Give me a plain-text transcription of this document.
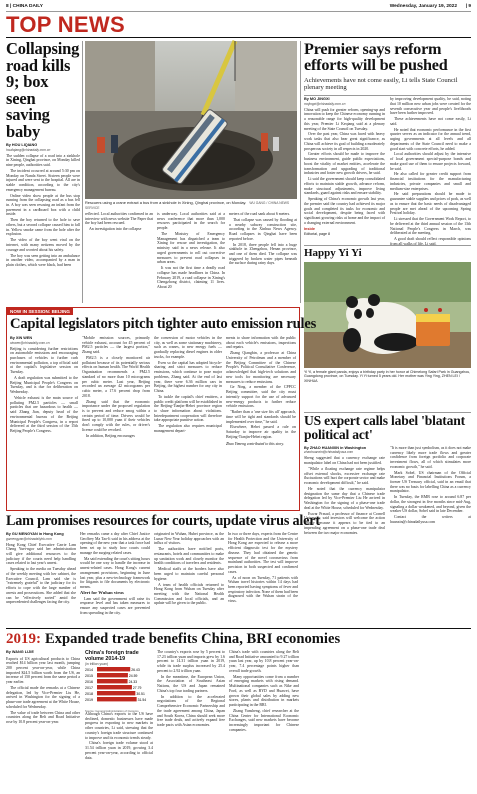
8 | CHINA DAILY	Wednesday, January 19, 2022 | 9
TOP NEWS
Collapsing road kills 9; box seen saving baby
By HOU LIQIANG
houliqiang@chinadaily.com.cn

The sudden collapse of a road into a sinkhole in Xining, Qinghai province, on Monday killed nine people, authorities said.

The incident occurred at around 5:30 pm on Monday on Nanda Street. Sixteen people were injured and were sent to the hospital. All are in stable condition, according to the city's emergency management bureau.

Online video show people at the bus stop running from the collapsing road as a bus fell in. A boy was seen rescuing an infant from the pavement in a cardboard box with a child inside.

Then the boy returned to the hole to save others, but a second collapse caused him to fall in. Yellow smoke came from the hole after the explosion.

The video of the boy went viral on the internet, with many netizens moved by the courage and worried about his safety.

The boy was seen getting into an ambulance in another video, accompanied by a man in plain clothes, which were black, had been

Rescuers using a crane extract a bus from a sinkhole in Xining, Qinghai province, on Monday. WU GANG / CHINA NEWS SERVICE

reflected. Local authorities confirmed in an interview with news website The Paper that the boy had been rescued.

An investigation into the collapse

is underway. Local authorities said at a news conference that more than 1,000 rescuers participated in the search for people.

The Ministry of Emergency Management has dispatched a team to Xining for rescue and investigation, the ministry said in a news release. It also urged governments to roll out corrective measures to prevent road collapses in urban areas.

It was not the first time a deadly road collapse has made headlines in China. In February 2019, a road collapse in Xining's Chengzhong district, claiming 11 lives. About 20

meters of the road sank about 6 meters.

That collapse was caused by flooding at a nearby subway construction site, according to the Xinhua News Agency. Road collapses in Qinghai have been reported before.

In 2018, three people fell into a huge sinkhole in Zhengzhou, Henan province, and one of them died. The collapse was triggered by broken water pipes beneath the surface during rainy days.

Premier says reform efforts will be pushed
Achievements have not come easily, Li tells State Council plenary meeting
By MO JINGXI
mojingxi@chinadaily.com.cn

China will push for greater reform, opening-up and innovation to keep the Chinese economy running in a reasonable range for high-quality development this year, Premier Li Keqiang said at a plenary meeting of the State Council on Tuesday.

Over the past year, China was faced with heavy work tasks that also bear great significance, as China will achieve its goal of building a moderately prosperous society in all respects in 2020.

Greater efforts should be made to improve the business environment, guide public expectations, boost the vitality of market entities, accelerate the transformation and upgrading of traditional industries and foster new growth drivers, he said.

Li said the government should keep consolidated efforts to maintain stable growth, advance reform, make structural adjustments, improve living standards, guard against risks and ensure stability.

Speaking of China's economic growth last year, the premier said the country had achieved its major goals and completed its tasks for economic and social development, despite being faced with significant growing risks at home and the impact of a changing external environment.

Inside
Editorial, page 8

by improving development quality, he said, noting that 10 million new urban jobs were created for the seventh consecutive year and people's livelihoods have been further improved.

These achievements have not come easily, Li said.

He noted that economic performance in the first quarter serves as an indicator for the annual trend, urging governments at all levels and all departments of the State Council need to make a good start with concrete efforts, he added.

Local authorities should adjust by the intensive of local government special-purpose bonds and make good use of them to ensure projects forward, he said.

He also called for greater credit support from financial institutions for the manufacturing industries, private companies and small and medium-size enterprises.

He said preparations should be made to guarantee stable supplies and prices of pork, as well as to ensure that the basic needs of disadvantaged people are met ahead of the upcoming Spring Festival holiday.

Li stressed that the Government Work Report, to be delivered at the third annual session of the 13th National People's Congress in March, was deliberated at the meeting.

A good draft should reflect responsible opinions from all walks of life, Li said.

Happy Yi Yi
Yi Yi, a female giant panda, enjoys a birthday party in her honor at Chimelong Safari Park in Guangzhou, Guangdong province, on Tuesday. Yi Yi turned 5 years old. Her mother was Ying Ying, ZHEN LEI / XINHUA
NOW IN SESSION: BEIJING
Capital legislators pitch tighter auto emission rules
By XIN WEN
xinwen@chinadaily.com.cn

Beijing is considering further restrictions on automobile emissions and encouraging purchases of vehicles to further curb environmental pollution, a top official said at the capital's legislative session on Tuesday.

A draft regulation was submitted to the Beijing Municipal People's Congress on Tuesday, and is due for deliberation on Wednesday.

Vehicle exhaust is the main source of polluting PM2.5 particles — small particles that are hazardous to health — said Zhang Jian, deputy head of the environmental bureau of the Beijing Municipal People's Congress, in a report delivered at the third session of the 15th Beijing People's Congress.

"Mobile emission sources, primarily vehicle exhaust, account for 45 percent of PM2.5 particles — the largest portion," Zhang said.

PM2.5 is a closely monitored air pollutant because of its potentially serious effects on human health. The World Health Organization recommends a PM2.5 standard of no more than 10 micrograms per cubic meter. Last year, Beijing recorded an average 42 micrograms per cubic meter, a 17.6 percent drop from 2018.

Zhang said that the economic importance under the proposed regulation is to prevent and reduce smog within a certain period of time. Drivers would be fined up to 10,000 yuan if their vehicles don't comply with the rules, or driver's license could be revoked.

In addition, Beijing encourages

the conversion of motor vehicles in the city, as well as some stationary machinery, such as cranes, to new energy fuels — gradually replacing diesel engines in older trucks, for example.

Even so the capital has adopted bicycle-sharing and strict measures to reduce emissions, which continue to pose major problems, Zhang said. At the end of last year, there were 6.36 million cars in Beijing, the highest number for any city in China.

To tackle the capital's chief emitters, a public credit platform will be established in the Beijing-Tianjin-Hebei province region to share information about violations. Interdepartment cooperation will therefore take appropriate punitive action.

The regulation also requires municipal management depart-

ments to share information with the public about each vehicle's emissions, inspections and repairs.

Zhang Qiangbin, a professor at China University of Petroleum and a member of the Beijing Committee of the Chinese People's Political Consultative Conference, acknowledged that high-tech solutions and new tools for monitoring are necessary measures to reduce emissions.

Ge Ning, a member of the CPPCC Beijing committee, said the city must intensify support for the use of advanced new-energy products to further reduce vehicle emissions.

"Rather than a 'one size fits all' approach, time will be tight and standards should be implemented over time," he said.

Elsewhere, Hebei passed a rule on Saturday to improve air quality in the Beijing-Tianjin-Hebei region.

Zhao Yimeng contributed to this story.
US expert calls label 'blatant political act'
By ZHAO HUANXIN in Washington
zhaohuanxin@chinadailyusa.com

Sheng suggested that a currency exchange rate manipulator label on China had not been justified.

"While a floating exchange rate regime helps offset external shocks, excessive exchange rate fluctuations will hurt the corporate sector and make economic development difficult," he said.

He noted that the currency manipulator designation the same day that a Chinese trade delegation led by Vice-Premier Liu He arrived in Washington for the signing of a phase-one trade deal at the White House, scheduled for Wednesday.

Eswar Prasad, a professor of finance at Cornell University, said investors will welcome the action largely because it appears to be tied to an impending agreement on a phase-one trade deal between the two major economies.

"It is more than just symbolism, as it does not make currency likely more trade flows and greater confidence from foreign portfolio and corporate investment flows, all of which stimulates more economic growth," he said.

Mark Sobel, US chairman of the Official Monetary and Financial Institutions Forum, a former US Treasury official, said in an email that there was no basis for labelling China as a currency manipulator.

In Tuesday, the RMB rose to around 6.87 per dollar, the strongest in five months since mid-Aug, signaling a dollar weakened, and beyond, given the weaker US dollar, Sobel said in late December.

Contact the writers at huanxin@chinadailyusa.com

Lam promises resources for courts, update virus alert
By GU MENGYAN in Hong Kong
gumengyan@chinadailyhk.com

Hong Kong Chief Executive Carrie Lam Cheng Yuet-ngor said her administration will give additional resources to the judiciary if the courts need help handling cases related to last year's unrest.

Speaking to the media on Tuesday ahead of the weekly meeting with her cabinet, the Executive Council, Lam said she is "extremely grateful" to the judiciary for its efforts to cope with the large number of arrests and prosecutions. She added that she can be "effectively sorted" amid the unprecedented challenges facing the city.

Her remarks came a day after Chief Justice Geoffrey Ma Tao-li said in his address at the opening of the new year that a task force had been set up to study how courts could manage the surging related cases.

Ma said extending the court's sitting hours would be one way to handle the increase in unrest-related cases. Hong Kong's current arrangement provisions, beginning in June last year, plus a new-technology framework for litigants to file documents by electronic means.

Alert for Wuhan virus

Lam said the government will raise its response level and has taken measures to ensure any suspected cases are prevented from spreading in the city.

originated in Wuhan, Hubei province, as the Lunar New Year holiday approaches with an influx of visitors.

The authorities have notified ports, restaurants, hotels and communities to make up sanitation work and closely monitor the health conditions of travelers and residents.

Medical staffs at the borders have also been urged to maintain careful personal hygiene.

A team of health officials returned to Hong Kong from Wuhan on Tuesday after meeting with the National Health Commission and local officials, and an update will be given to the public.

In two or three days, experts from the Centre for Health Protection and the University of Hong Kong are expected to release a more efficient diagnostic test for the mystery disease. They had obtained the genetic sequence of the novel coronavirus from mainland authorities. The test will improve precision in both suspected and confirmed cases.

As of noon on Tuesday, 71 patients with Wuhan travel histories within 14 days had been reported having symptoms of fever and respiratory infection. None of them had been diagnosed with the Wuhan strain of the virus.

2019: Expanded trade benefits China, BRI economies
By WANG LIJIE

Exports of US agricultural products to China reached $14 billion year last month, jumping 200 percent year-on-year, while China imported $24.5 billion worth from the US, an increase of 150 percent from the same period a year earlier.

The official made the remarks at a Chinese delegation, led by Vice-Premier Liu He, arrived in Washington for the signing of a phase-one trade agreement at the White House, scheduled for Wednesday.

The value of trade between China and other countries along the Belt and Road Initiative rose by 10.8 percent year-on-year.

China's foreign trade volume 2014-19
(in trillion yuan)
2014	26.43
2015	24.59
2016	24.33
2017	27.79
2018	30.51
2019	31.54
Source: General Administration of Customs

Although China's exports to the US have declined, domestic businesses have made progress in exporting to new markets in other countries, Li said, stressing that the country's foreign trade structure continued to improve and its economic trends steady.

China's foreign trade volume stood at 31.54 trillion yuan in 2019, growing 3.4 percent year-on-year, according to official data.

The country's exports rose by 5 percent to 17.23 trillion yuan and imports grew by 1.6 percent to 14.31 trillion yuan in 2019, while its trade surplus increased by 25.4 percent to 2.92 trillion yuan.

In the meantime, the European Union, the Association of Southeast Asian Nations, the US and Japan remained China's top four trading partners.

In addition to the accelerated negotiations of the Regional Comprehensive Economic Partnership and the trade agreement among China, Japan and South Korea, China should seek more free trade deals, and actively expand free trade pacts with Asian economies.

China's trade with countries along the Belt and Road Initiative amounted to 9.27 trillion yuan last year, up by 10.8 percent year-on-year, 7.4 percentage points higher than overall trade growth.

Many opportunities come from a number of emerging markets with rising demand. Multinational companies such as Nike and Ford, as well as BYD and Huawei, have grown their global sales by adding new stores, plants and distribution in markets participating in the BRI.

Zhang Yansheng, chief researcher at the China Center for International Economic Exchanges, said new markets have become increasingly important for Chinese companies.
